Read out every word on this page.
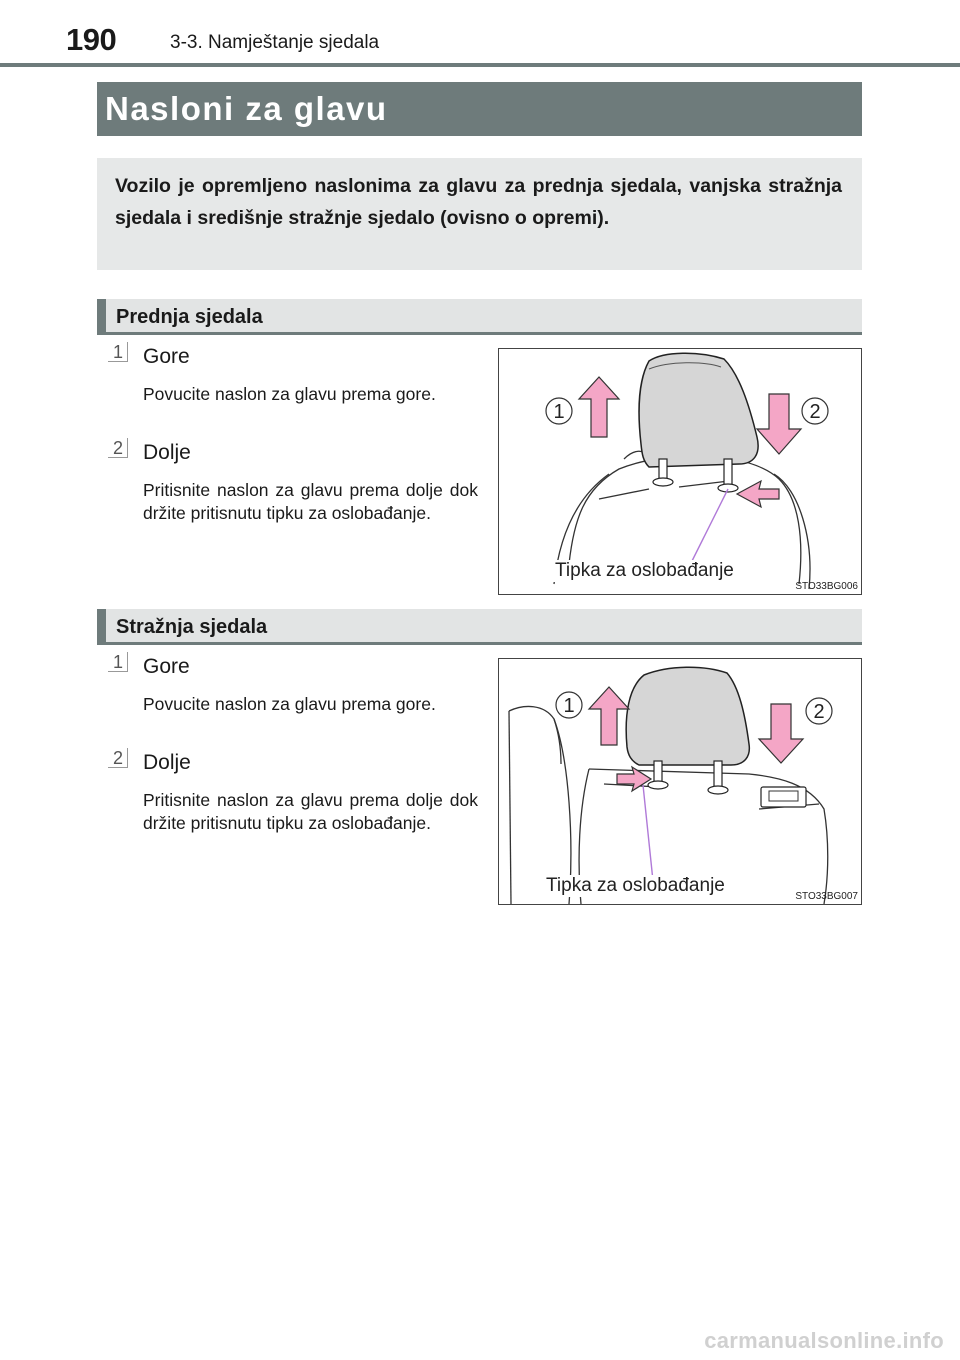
190	3-3. Namještanje sjedala
Nasloni za glavu
Vozilo je opremljeno naslonima za glavu za prednja sjedala, vanjska stražnja sjedala i središnje stražnje sjedalo (ovisno o opremi).
Prednja sjedala
1 Gore
Povucite naslon za glavu prema gore.
2 Dolje
Pritisnite naslon za glavu prema dolje dok držite pritisnutu tipku za oslobađanje.
1	2
Tipka za oslobađanje
STO33BG006
Stražnja sjedala
1 Gore
Povucite naslon za glavu prema gore.
2 Dolje
Pritisnite naslon za glavu prema dolje dok držite pritisnutu tipku za oslobađanje.
1	2
Tipka za oslobađanje
STO33BG007
carmanualsonline.info
